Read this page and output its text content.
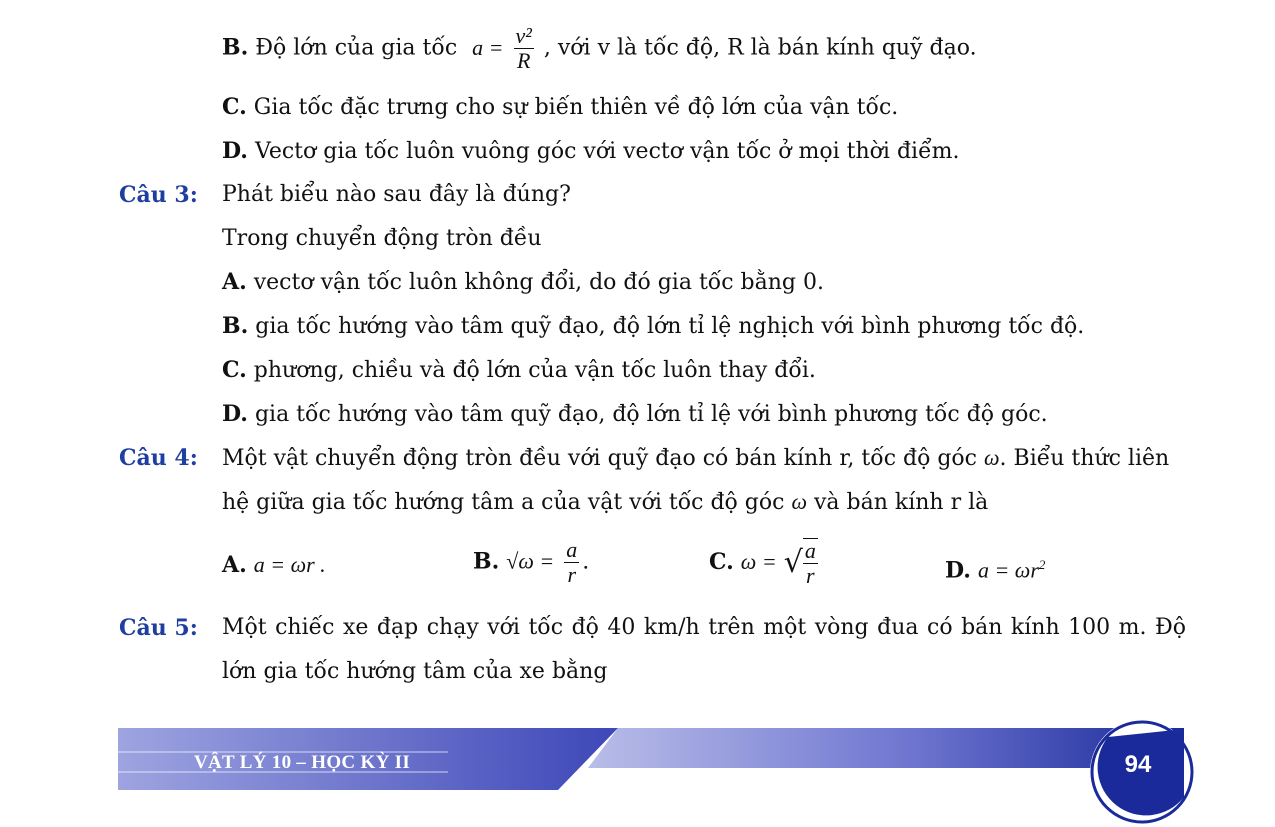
B. Độ lớn của gia tốc $a = \frac{\text{v²}}{R}$ , với v là tốc độ, R là bán kính quỹ đạo.
C. Gia tốc đặc trưng cho sự biến thiên về độ lớn của vận tốc.
D. Vectơ gia tốc luôn vuông góc với vectơ vận tốc ở mọi thời điểm.
Câu 3: Phát biểu nào sau đây là đúng?
Trong chuyển động tròn đều
A. vectơ vận tốc luôn không đổi, do đó gia tốc bằng 0.
B. gia tốc hướng vào tâm quỹ đạo, độ lớn tỉ lệ nghịch với bình phương tốc độ.
C. phương, chiều và độ lớn của vận tốc luôn thay đổi.
D. gia tốc hướng vào tâm quỹ đạo, độ lớn tỉ lệ với bình phương tốc độ góc.
Câu 4: Một vật chuyển động tròn đều với quỹ đạo có bán kính r, tốc độ góc ω. Biểu thức liên
hệ giữa gia tốc hướng tâm a của vật với tốc độ góc ω và bán kính r là
A. a = ωr .	B. $√\omega = \frac{a}{r}$ .	C. ω = √ $\frac{a}{r}$	D. $a = \omega r^2$
Câu 5: Một chiếc xe đạp chạy với tốc độ 40 km/h trên một vòng đua có bán kính 100 m. Độ
lớn gia tốc hướng tâm của xe bằng
VẬT LÝ 10 – HỌC KỲ II	94
